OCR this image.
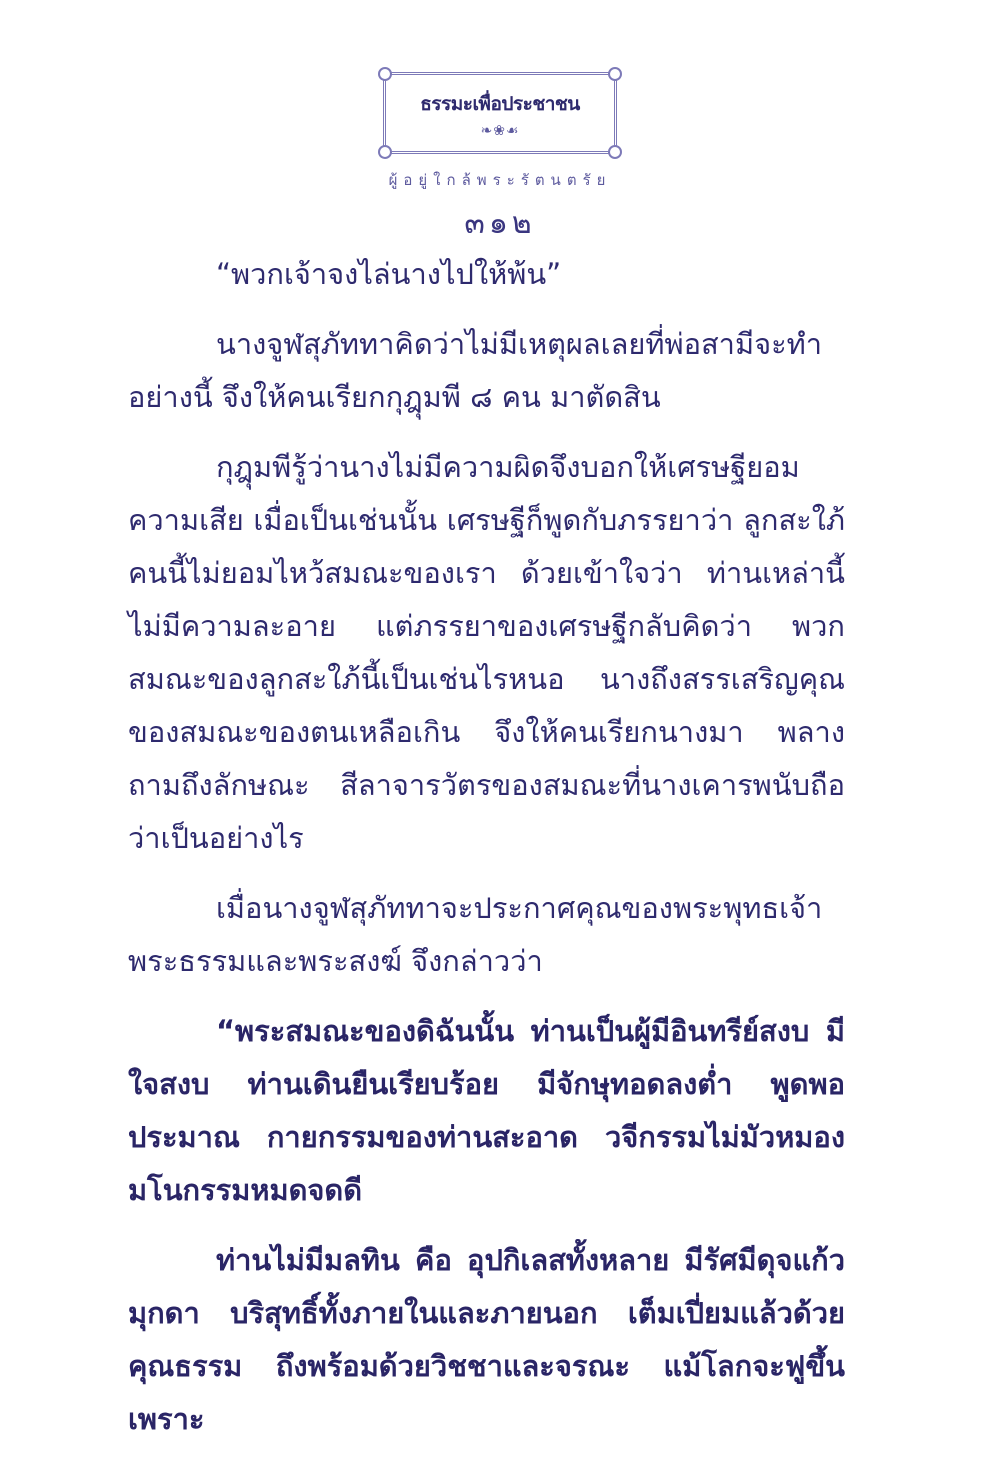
ธรรมะเพื่อประชาชน
❧❀☙
ผู้อยู่ใกล้พระรัตนตรัย
๓๑๒

“พวกเจ้าจงไล่นางไปให้พ้น”

นางจูฬสุภัททาคิดว่าไม่มีเหตุผลเลยที่พ่อสามีจะทำอย่างนี้ จึงให้คนเรียกกุฎุมพี ๘ คน มาตัดสิน

กุฎุมพีรู้ว่านางไม่มีความผิดจึงบอกให้เศรษฐียอมความเสีย เมื่อเป็นเช่นนั้น เศรษฐีก็พูดกับภรรยาว่า ลูกสะใภ้คนนี้ไม่ยอมไหว้สมณะของเรา ด้วยเข้าใจว่า ท่านเหล่านี้ไม่มีความละอาย แต่ภรรยาของเศรษฐีกลับคิดว่า พวกสมณะของลูกสะใภ้นี้เป็นเช่นไรหนอ นางถึงสรรเสริญคุณของสมณะของตนเหลือเกิน จึงให้คนเรียกนางมา พลางถามถึงลักษณะ สีลาจารวัตรของสมณะที่นางเคารพนับถือว่าเป็นอย่างไร

เมื่อนางจูฬสุภัททาจะประกาศคุณของพระพุทธเจ้า พระธรรมและพระสงฆ์ จึงกล่าวว่า

“พระสมณะของดิฉันนั้น ท่านเป็นผู้มีอินทรีย์สงบ มีใจสงบ ท่านเดินยืนเรียบร้อย มีจักษุทอดลงต่ำ พูดพอประมาณ กายกรรมของท่านสะอาด วจีกรรมไม่มัวหมอง มโนกรรมหมดจดดี

ท่านไม่มีมลทิน คือ อุปกิเลสทั้งหลาย มีรัศมีดุจแก้วมุกดา บริสุทธิ์ทั้งภายในและภายนอก เต็มเปี่ยมแล้วด้วยคุณธรรม ถึงพร้อมด้วยวิชชาและจรณะ แม้โลกจะฟูขึ้นเพราะ
